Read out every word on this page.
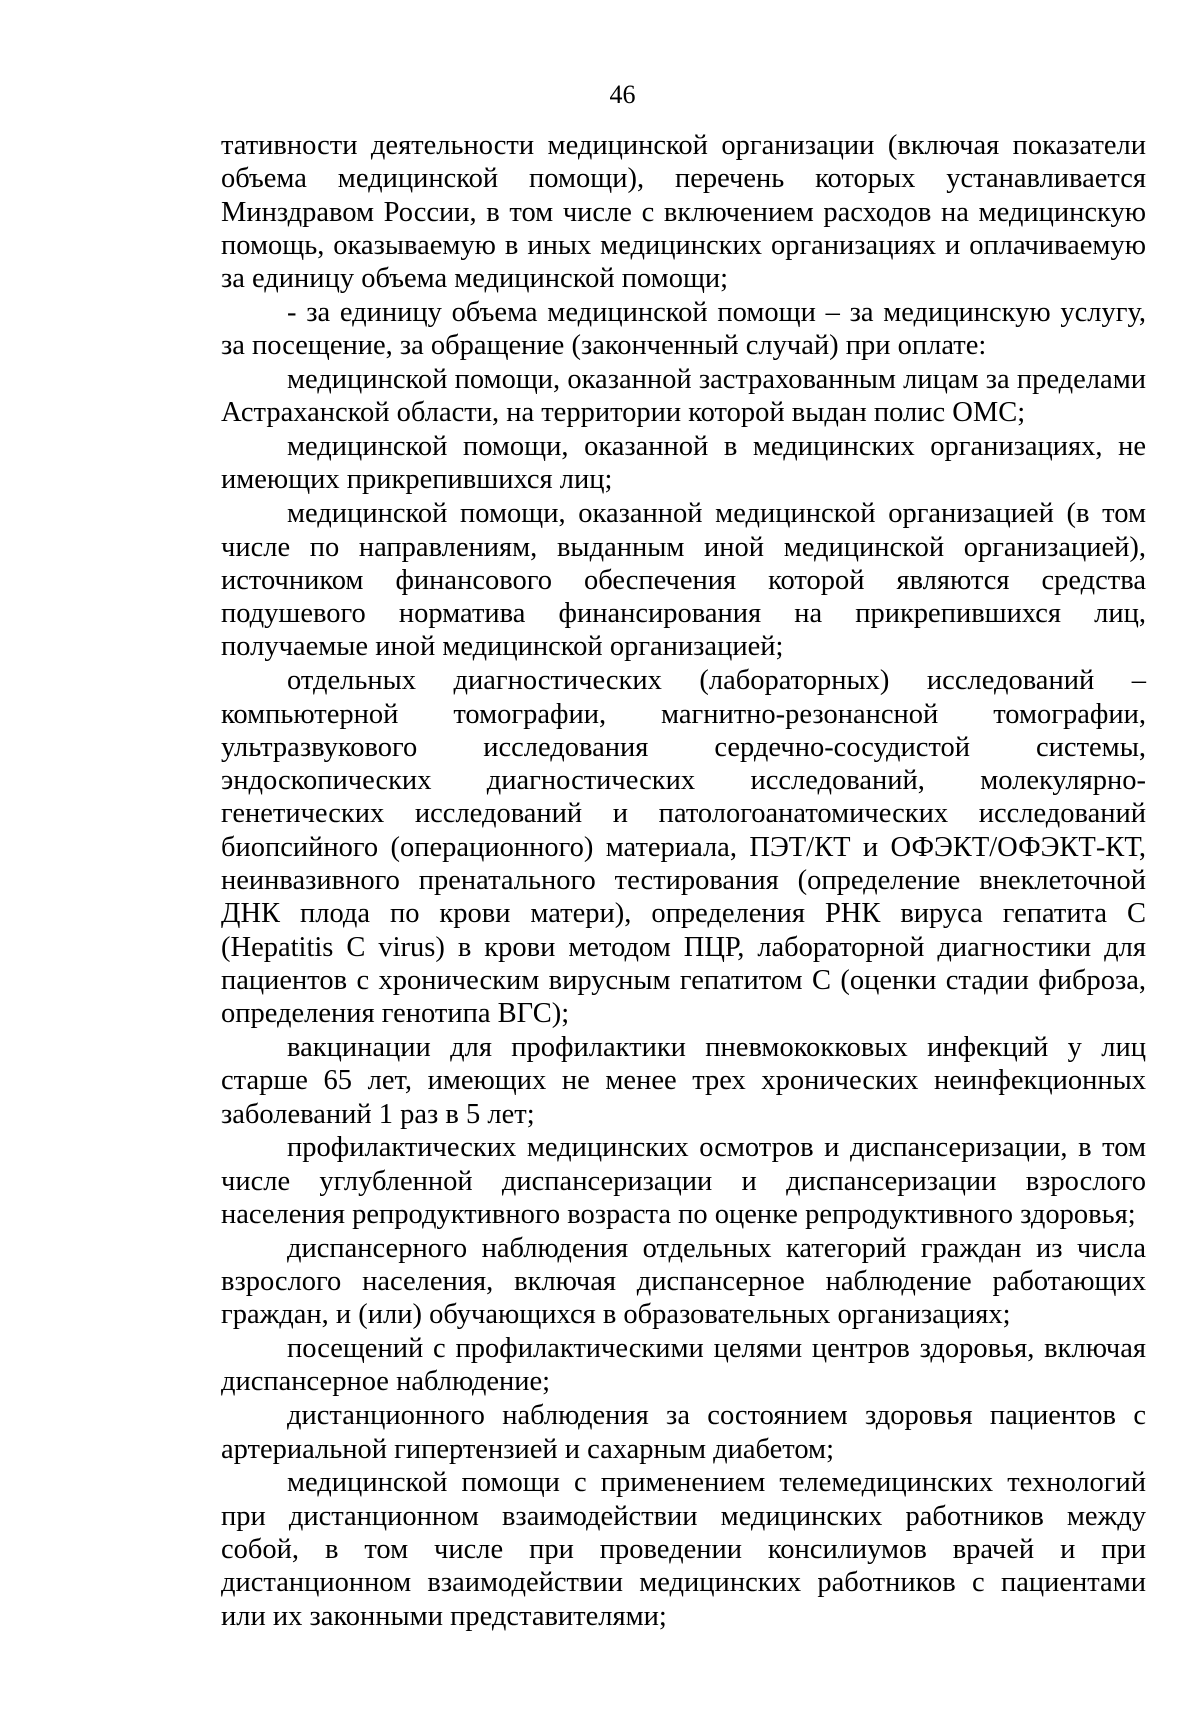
46

тативности деятельности медицинской организации (включая показатели объема медицинской помощи), перечень которых устанавливается Минздравом России, в том числе с включением расходов на медицинскую помощь, оказываемую в иных медицинских организациях и оплачиваемую за единицу объема медицинской помощи;

- за единицу объема медицинской помощи – за медицинскую услугу, за посещение, за обращение (законченный случай) при оплате:

медицинской помощи, оказанной застрахованным лицам за пределами Астраханской области, на территории которой выдан полис ОМС;

медицинской помощи, оказанной в медицинских организациях, не имеющих прикрепившихся лиц;

медицинской помощи, оказанной медицинской организацией (в том числе по направлениям, выданным иной медицинской организацией), источником финансового обеспечения которой являются средства подушевого норматива финансирования на прикрепившихся лиц, получаемые иной медицинской организацией;

отдельных диагностических (лабораторных) исследований – компьютерной томографии, магнитно-резонансной томографии, ультразвукового исследования сердечно-сосудистой системы, эндоскопических диагностических исследований, молекулярно-генетических исследований и патологоанатомических исследований биопсийного (операционного) материала, ПЭТ/КТ и ОФЭКТ/ОФЭКТ-КТ, неинвазивного пренатального тестирования (определение внеклеточной ДНК плода по крови матери), определения РНК вируса гепатита С (Hepatitis С virus) в крови методом ПЦР, лабораторной диагностики для пациентов с хроническим вирусным гепатитом С (оценки стадии фиброза, определения генотипа ВГС);

вакцинации для профилактики пневмококковых инфекций у лиц старше 65 лет, имеющих не менее трех хронических неинфекционных заболеваний 1 раз в 5 лет;

профилактических медицинских осмотров и диспансеризации, в том числе углубленной диспансеризации и диспансеризации взрослого населения репродуктивного возраста по оценке репродуктивного здоровья;

диспансерного наблюдения отдельных категорий граждан из числа взрослого населения, включая диспансерное наблюдение работающих граждан, и (или) обучающихся в образовательных организациях;

посещений с профилактическими целями центров здоровья, включая диспансерное наблюдение;

дистанционного наблюдения за состоянием здоровья пациентов с артериальной гипертензией и сахарным диабетом;

медицинской помощи с применением телемедицинских технологий при дистанционном взаимодействии медицинских работников между собой, в том числе при проведении консилиумов врачей и при дистанционном взаимодействии медицинских работников с пациентами или их законными представителями;
